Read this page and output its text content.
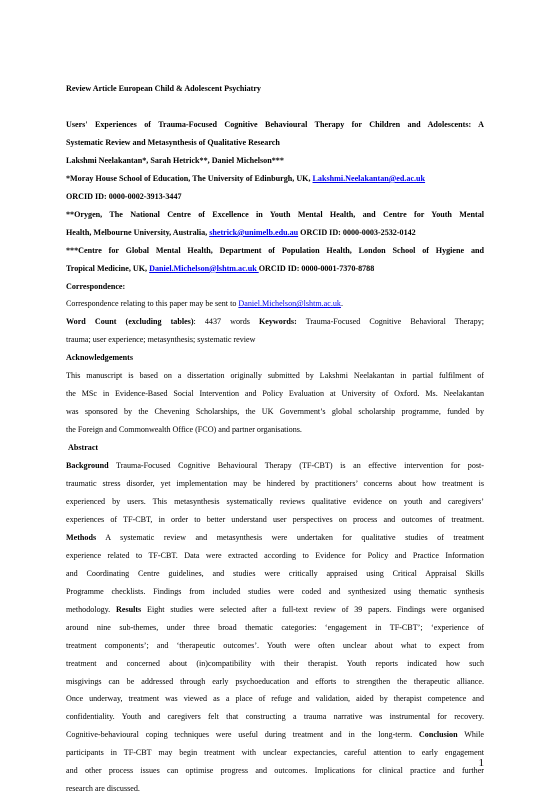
Review Article European Child & Adolescent Psychiatry
Users' Experiences of Trauma-Focused Cognitive Behavioural Therapy for Children and Adolescents: A
Systematic Review and Metasynthesis of Qualitative Research
Lakshmi Neelakantan*, Sarah Hetrick**, Daniel Michelson***
*Moray House School of Education, The University of Edinburgh, UK, Lakshmi.Neelakantan@ed.ac.uk
ORCID ID: 0000-0002-3913-3447
**Orygen, The National Centre of Excellence in Youth Mental Health, and Centre for Youth Mental
Health, Melbourne University, Australia, shetrick@unimelb.edu.au ORCID ID: 0000-0003-2532-0142
***Centre for Global Mental Health, Department of Population Health, London School of Hygiene and
Tropical Medicine, UK, Daniel.Michelson@lshtm.ac.uk ORCID ID: 0000-0001-7370-8788
Correspondence:
Correspondence relating to this paper may be sent to Daniel.Michelson@lshtm.ac.uk.
Word Count (excluding tables): 4437 words Keywords: Trauma-Focused Cognitive Behavioral Therapy;
trauma; user experience; metasynthesis; systematic review
Acknowledgements
This manuscript is based on a dissertation originally submitted by Lakshmi Neelakantan in partial fulfilment of
the MSc in Evidence-Based Social Intervention and Policy Evaluation at University of Oxford. Ms. Neelakantan
was sponsored by the Chevening Scholarships, the UK Government’s global scholarship programme, funded by
the Foreign and Commonwealth Office (FCO) and partner organisations.
Abstract
Background Trauma-Focused Cognitive Behavioural Therapy (TF-CBT) is an effective intervention for post-
traumatic stress disorder, yet implementation may be hindered by practitioners’ concerns about how treatment is
experienced by users. This metasynthesis systematically reviews qualitative evidence on youth and caregivers’
experiences of TF-CBT, in order to better understand user perspectives on process and outcomes of treatment.
Methods A systematic review and metasynthesis were undertaken for qualitative studies of treatment
experience related to TF-CBT. Data were extracted according to Evidence for Policy and Practice Information
and Coordinating Centre guidelines, and studies were critically appraised using Critical Appraisal Skills
Programme checklists. Findings from included studies were coded and synthesized using thematic synthesis
methodology. Results Eight studies were selected after a full-text review of 39 papers. Findings were organised
around nine sub-themes, under three broad thematic categories: ‘engagement in TF-CBT’; ‘experience of
treatment components’; and ‘therapeutic outcomes’. Youth were often unclear about what to expect from
treatment and concerned about (in)compatibility with their therapist. Youth reports indicated how such
misgivings can be addressed through early psychoeducation and efforts to strengthen the therapeutic alliance.
Once underway, treatment was viewed as a place of refuge and validation, aided by therapist competence and
confidentiality. Youth and caregivers felt that constructing a trauma narrative was instrumental for recovery.
Cognitive-behavioural coping techniques were useful during treatment and in the long-term. Conclusion While
participants in TF-CBT may begin treatment with unclear expectancies, careful attention to early engagement
and other process issues can optimise progress and outcomes. Implications for clinical practice and further
research are discussed.
1
